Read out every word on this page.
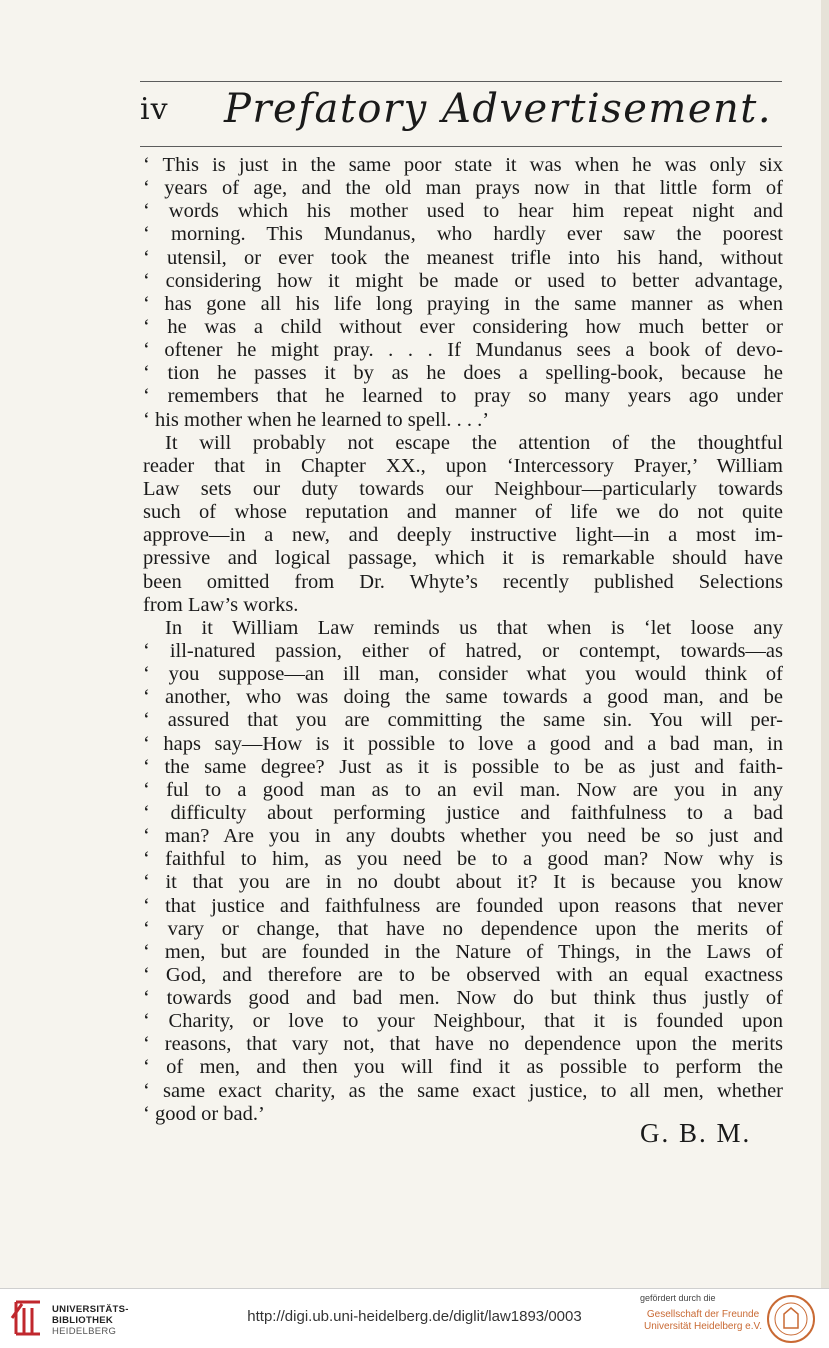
iv Prefatory Advertisement.
‘ This is just in the same poor state it was when he was only six
‘ years of age, and the old man prays now in that little form of
‘ words which his mother used to hear him repeat night and
‘ morning. This Mundanus, who hardly ever saw the poorest
‘ utensil, or ever took the meanest trifle into his hand, without
‘ considering how it might be made or used to better advantage,
‘ has gone all his life long praying in the same manner as when
‘ he was a child without ever considering how much better or
‘ oftener he might pray. . . . If Mundanus sees a book of devo-
‘ tion he passes it by as he does a spelling-book, because he
‘ remembers that he learned to pray so many years ago under
‘ his mother when he learned to spell. . . .’
It will probably not escape the attention of the thoughtful
reader that in Chapter XX., upon ‘Intercessory Prayer,’ William
Law sets our duty towards our Neighbour—particularly towards
such of whose reputation and manner of life we do not quite
approve—in a new, and deeply instructive light—in a most im-
pressive and logical passage, which it is remarkable should have
been omitted from Dr. Whyte’s recently published Selections
from Law’s works.
In it William Law reminds us that when is ‘let loose any
‘ ill-natured passion, either of hatred, or contempt, towards—as
‘ you suppose—an ill man, consider what you would think of
‘ another, who was doing the same towards a good man, and be
‘ assured that you are committing the same sin. You will per-
‘ haps say—How is it possible to love a good and a bad man, in
‘ the same degree? Just as it is possible to be as just and faith-
‘ ful to a good man as to an evil man. Now are you in any
‘ difficulty about performing justice and faithfulness to a bad
‘ man? Are you in any doubts whether you need be so just and
‘ faithful to him, as you need be to a good man? Now why is
‘ it that you are in no doubt about it? It is because you know
‘ that justice and faithfulness are founded upon reasons that never
‘ vary or change, that have no dependence upon the merits of
‘ men, but are founded in the Nature of Things, in the Laws of
‘ God, and therefore are to be observed with an equal exactness
‘ towards good and bad men. Now do but think thus justly of
‘ Charity, or love to your Neighbour, that it is founded upon
‘ reasons, that vary not, that have no dependence upon the merits
‘ of men, and then you will find it as possible to perform the
‘ same exact charity, as the same exact justice, to all men, whether
‘ good or bad.’
G. B. M.
UNIVERSITÄTS-
BIBLIOTHEK
HEIDELBERG
http://digi.ub.uni-heidelberg.de/diglit/law1893/0003
gefördert durch die
Gesellschaft der Freunde
Universität Heidelberg e.V.
